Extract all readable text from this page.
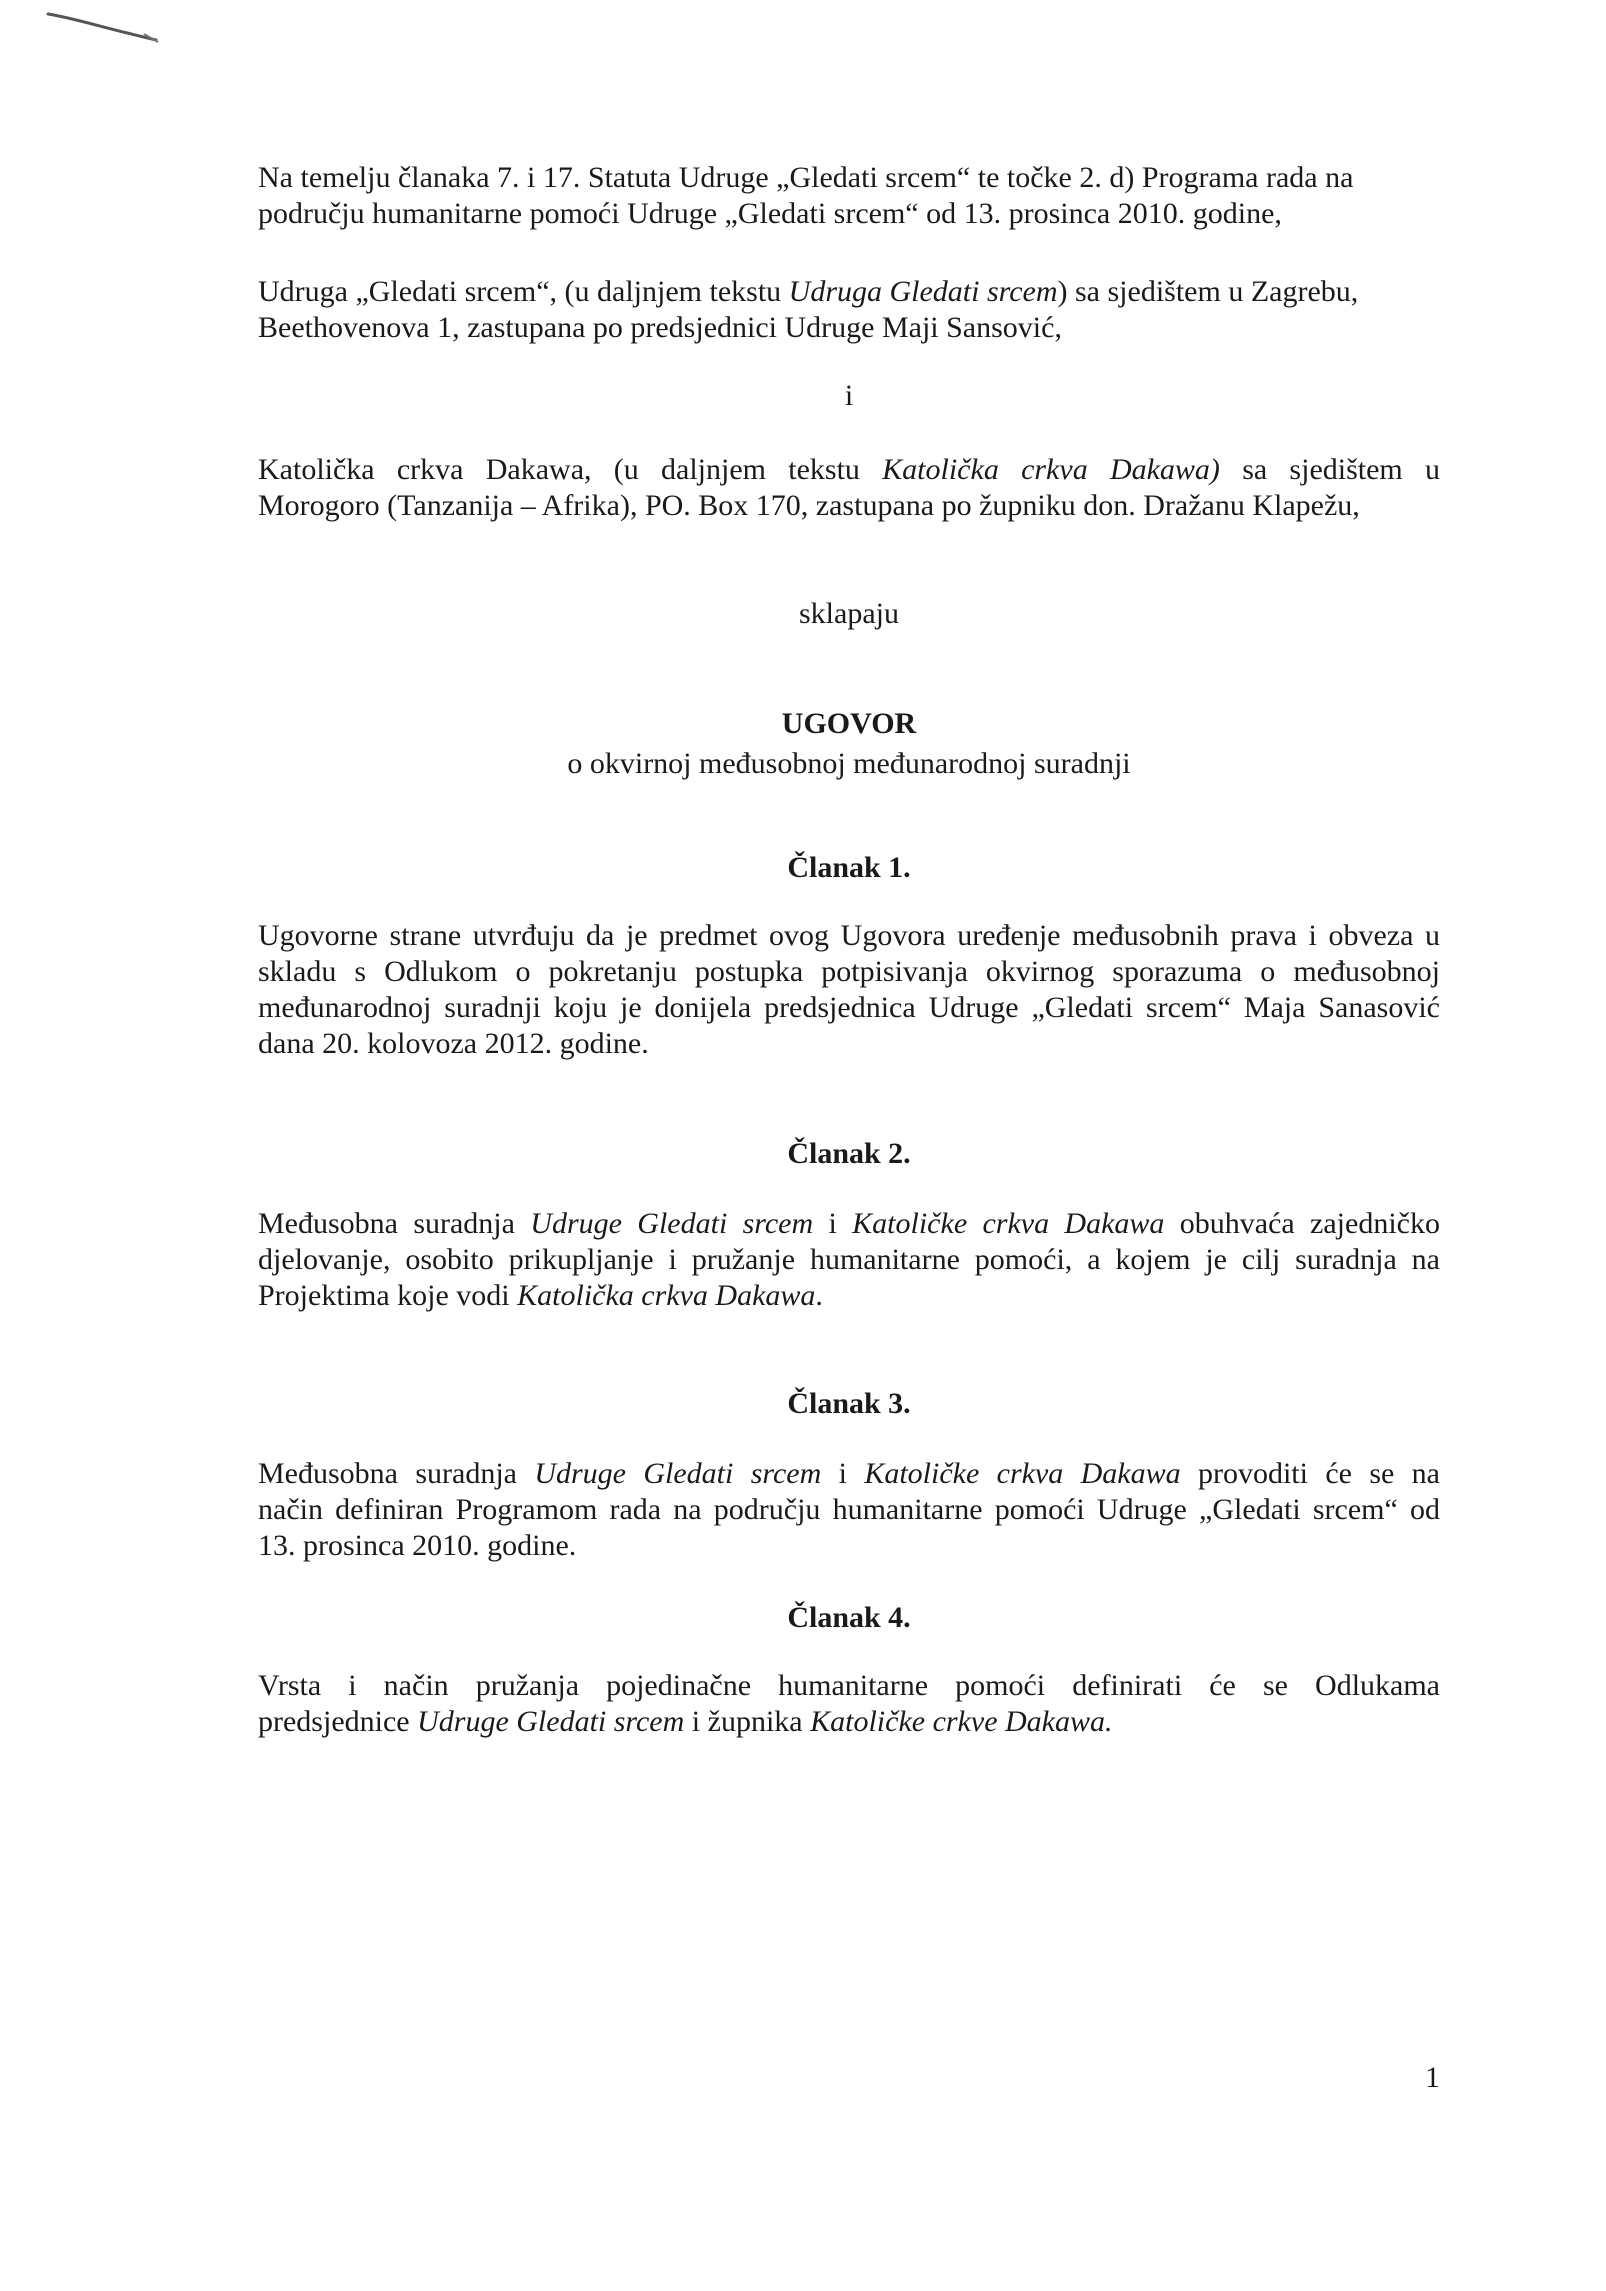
Na temelju članaka 7. i 17. Statuta Udruge „Gledati srcem“ te točke 2. d) Programa rada na
području humanitarne pomoći Udruge „Gledati srcem“ od 13. prosinca 2010. godine,
Udruga „Gledati srcem“, (u daljnjem tekstu Udruga Gledati srcem) sa sjedištem u Zagrebu,
Beethovenova 1, zastupana po predsjednici Udruge Maji Sansović,
i
Katolička crkva Dakawa, (u daljnjem tekstu Katolička crkva Dakawa) sa sjedištem u
Morogoro (Tanzanija – Afrika), PO. Box 170, zastupana po župniku don. Dražanu Klapežu,
sklapaju
UGOVOR
o okvirnoj međusobnoj međunarodnoj suradnji
Članak 1.
Ugovorne strane utvrđuju da je predmet ovog Ugovora uređenje međusobnih prava i obveza u
skladu s Odlukom o pokretanju postupka potpisivanja okvirnog sporazuma o međusobnoj
međunarodnoj suradnji koju je donijela predsjednica Udruge „Gledati srcem“ Maja Sanasović
dana 20. kolovoza 2012. godine.
Članak 2.
Međusobna suradnja Udruge Gledati srcem i Katoličke crkva Dakawa obuhvaća zajedničko
djelovanje, osobito prikupljanje i pružanje humanitarne pomoći, a kojem je cilj suradnja na
Projektima koje vodi Katolička crkva Dakawa.
Članak 3.
Međusobna suradnja Udruge Gledati srcem i Katoličke crkva Dakawa provoditi će se na
način definiran Programom rada na području humanitarne pomoći Udruge „Gledati srcem“ od
13. prosinca 2010. godine.
Članak 4.
Vrsta i način pružanja pojedinačne humanitarne pomoći definirati će se Odlukama
predsjednice Udruge Gledati srcem i župnika Katoličke crkve Dakawa.
1
